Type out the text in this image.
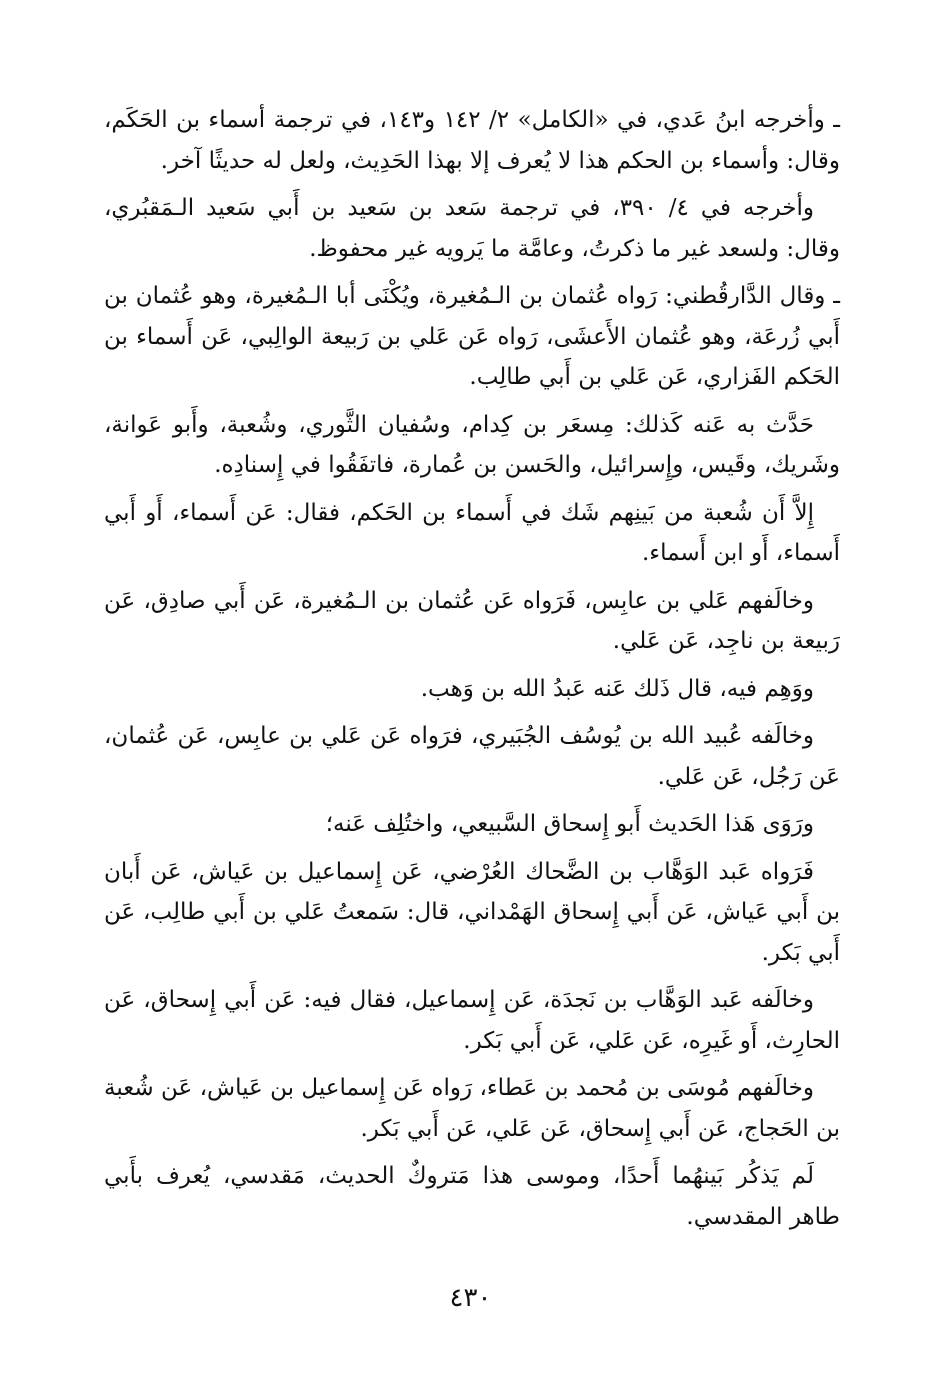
ـ وأخرجه ابنُ عَدي، في «الكامل» ٢/ ١٤٢ و١٤٣، في ترجمة أسماء بن الحَكَم، وقال: وأسماء بن الحكم هذا لا يُعرف إلا بهذا الحَدِيث، ولعل له حديثًا آخر.

وأخرجه في ٤/ ٣٩٠، في ترجمة سَعد بن سَعيد بن أَبي سَعيد الـمَقبُري، وقال: ولسعد غير ما ذكرتُ، وعامَّة ما يَرويه غير محفوظ.

ـ وقال الدَّارقُطني: رَواه عُثمان بن الـمُغيرة، ويُكْنَى أبا الـمُغيرة، وهو عُثمان بن أَبي زُرعَة، وهو عُثمان الأَعشَى، رَواه عَن عَلي بن رَبيعة الوالِبي، عَن أَسماء بن الحَكم الفَزاري، عَن عَلي بن أَبي طالِب.

حَدَّث به عَنه كَذلك: مِسعَر بن كِدام، وسُفيان الثَّوري، وشُعبة، وأَبو عَوانة، وشَريك، وقَيس، وإِسرائيل، والحَسن بن عُمارة، فاتفَقُوا في إِسنادِه.

إِلاَّ أَن شُعبة من بَينِهم شَك في أَسماء بن الحَكم، فقال: عَن أَسماء، أَو أَبي أَسماء، أَو ابن أَسماء.

وخالَفهم عَلي بن عابِس، فَرَواه عَن عُثمان بن الـمُغيرة، عَن أَبي صادِق، عَن رَبيعة بن ناجِد، عَن عَلي.

ووَهِم فيه، قال ذَلك عَنه عَبدُ الله بن وَهب.

وخالَفه عُبيد الله بن يُوسُف الجُبَيري، فرَواه عَن عَلي بن عابِس، عَن عُثمان، عَن رَجُل، عَن عَلي.

ورَوَى هَذا الحَديث أَبو إِسحاق السَّبيعي، واختُلِف عَنه؛

فَرَواه عَبد الوَهَّاب بن الضَّحاك العُرْضي، عَن إِسماعيل بن عَياش، عَن أَبان بن أَبي عَياش، عَن أَبي إِسحاق الهَمْداني، قال: سَمعتُ عَلي بن أَبي طالِب، عَن أَبي بَكر.

وخالَفه عَبد الوَهَّاب بن نَجدَة، عَن إِسماعيل، فقال فيه: عَن أَبي إِسحاق، عَن الحارِث، أَو غَيرِه، عَن عَلي، عَن أَبي بَكر.

وخالَفهم مُوسَى بن مُحمد بن عَطاء، رَواه عَن إِسماعيل بن عَياش، عَن شُعبة بن الحَجاج، عَن أَبي إِسحاق، عَن عَلي، عَن أَبي بَكر.

لَم يَذكُر بَينهُما أَحدًا، وموسى هذا مَتروكٌ الحديث، مَقدسي، يُعرف بأَبي طاهر المقدسي.

٤٣٠
